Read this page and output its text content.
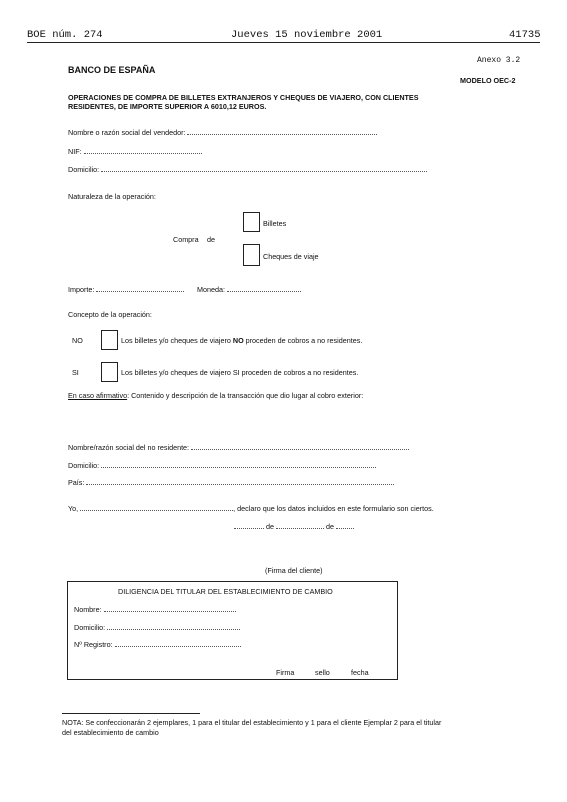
BOE núm. 274	Jueves 15 noviembre 2001	41735
Anexo 3.2
BANCO DE ESPAÑA
MODELO OEC-2
OPERACIONES DE COMPRA DE BILLETES EXTRANJEROS Y CHEQUES DE VIAJERO, CON CLIENTES
RESIDENTES, DE IMPORTE SUPERIOR A 6010,12 EUROS.
Nombre o razón social del vendedor:
NIF:
Domicilio:
Naturaleza de la operación:
Billetes
Compra de
Cheques de viaje
Importe:	Moneda:
Concepto de la operación:
NO	Los billetes y/o cheques de viajero NO proceden de cobros a no residentes.
SI	Los billetes y/o cheques de viajero SI proceden de cobros a no residentes.
En caso afirmativo: Contenido y descripción de la transacción que dio lugar al cobro exterior:
Nombre/razón social del no residente:
Domicilio:
País:
Yo,	, declaro que los datos incluidos en este formulario son ciertos.
de	de
(Firma del cliente)
DILIGENCIA DEL TITULAR DEL ESTABLECIMIENTO DE CAMBIO
Nombre:
Domicilio:
Nº Registro:
Firma	sello	fecha
NOTA: Se confeccionarán 2 ejemplares, 1 para el titular del establecimiento y 1 para el cliente Ejemplar 2 para el titular
del establecimiento de cambio
